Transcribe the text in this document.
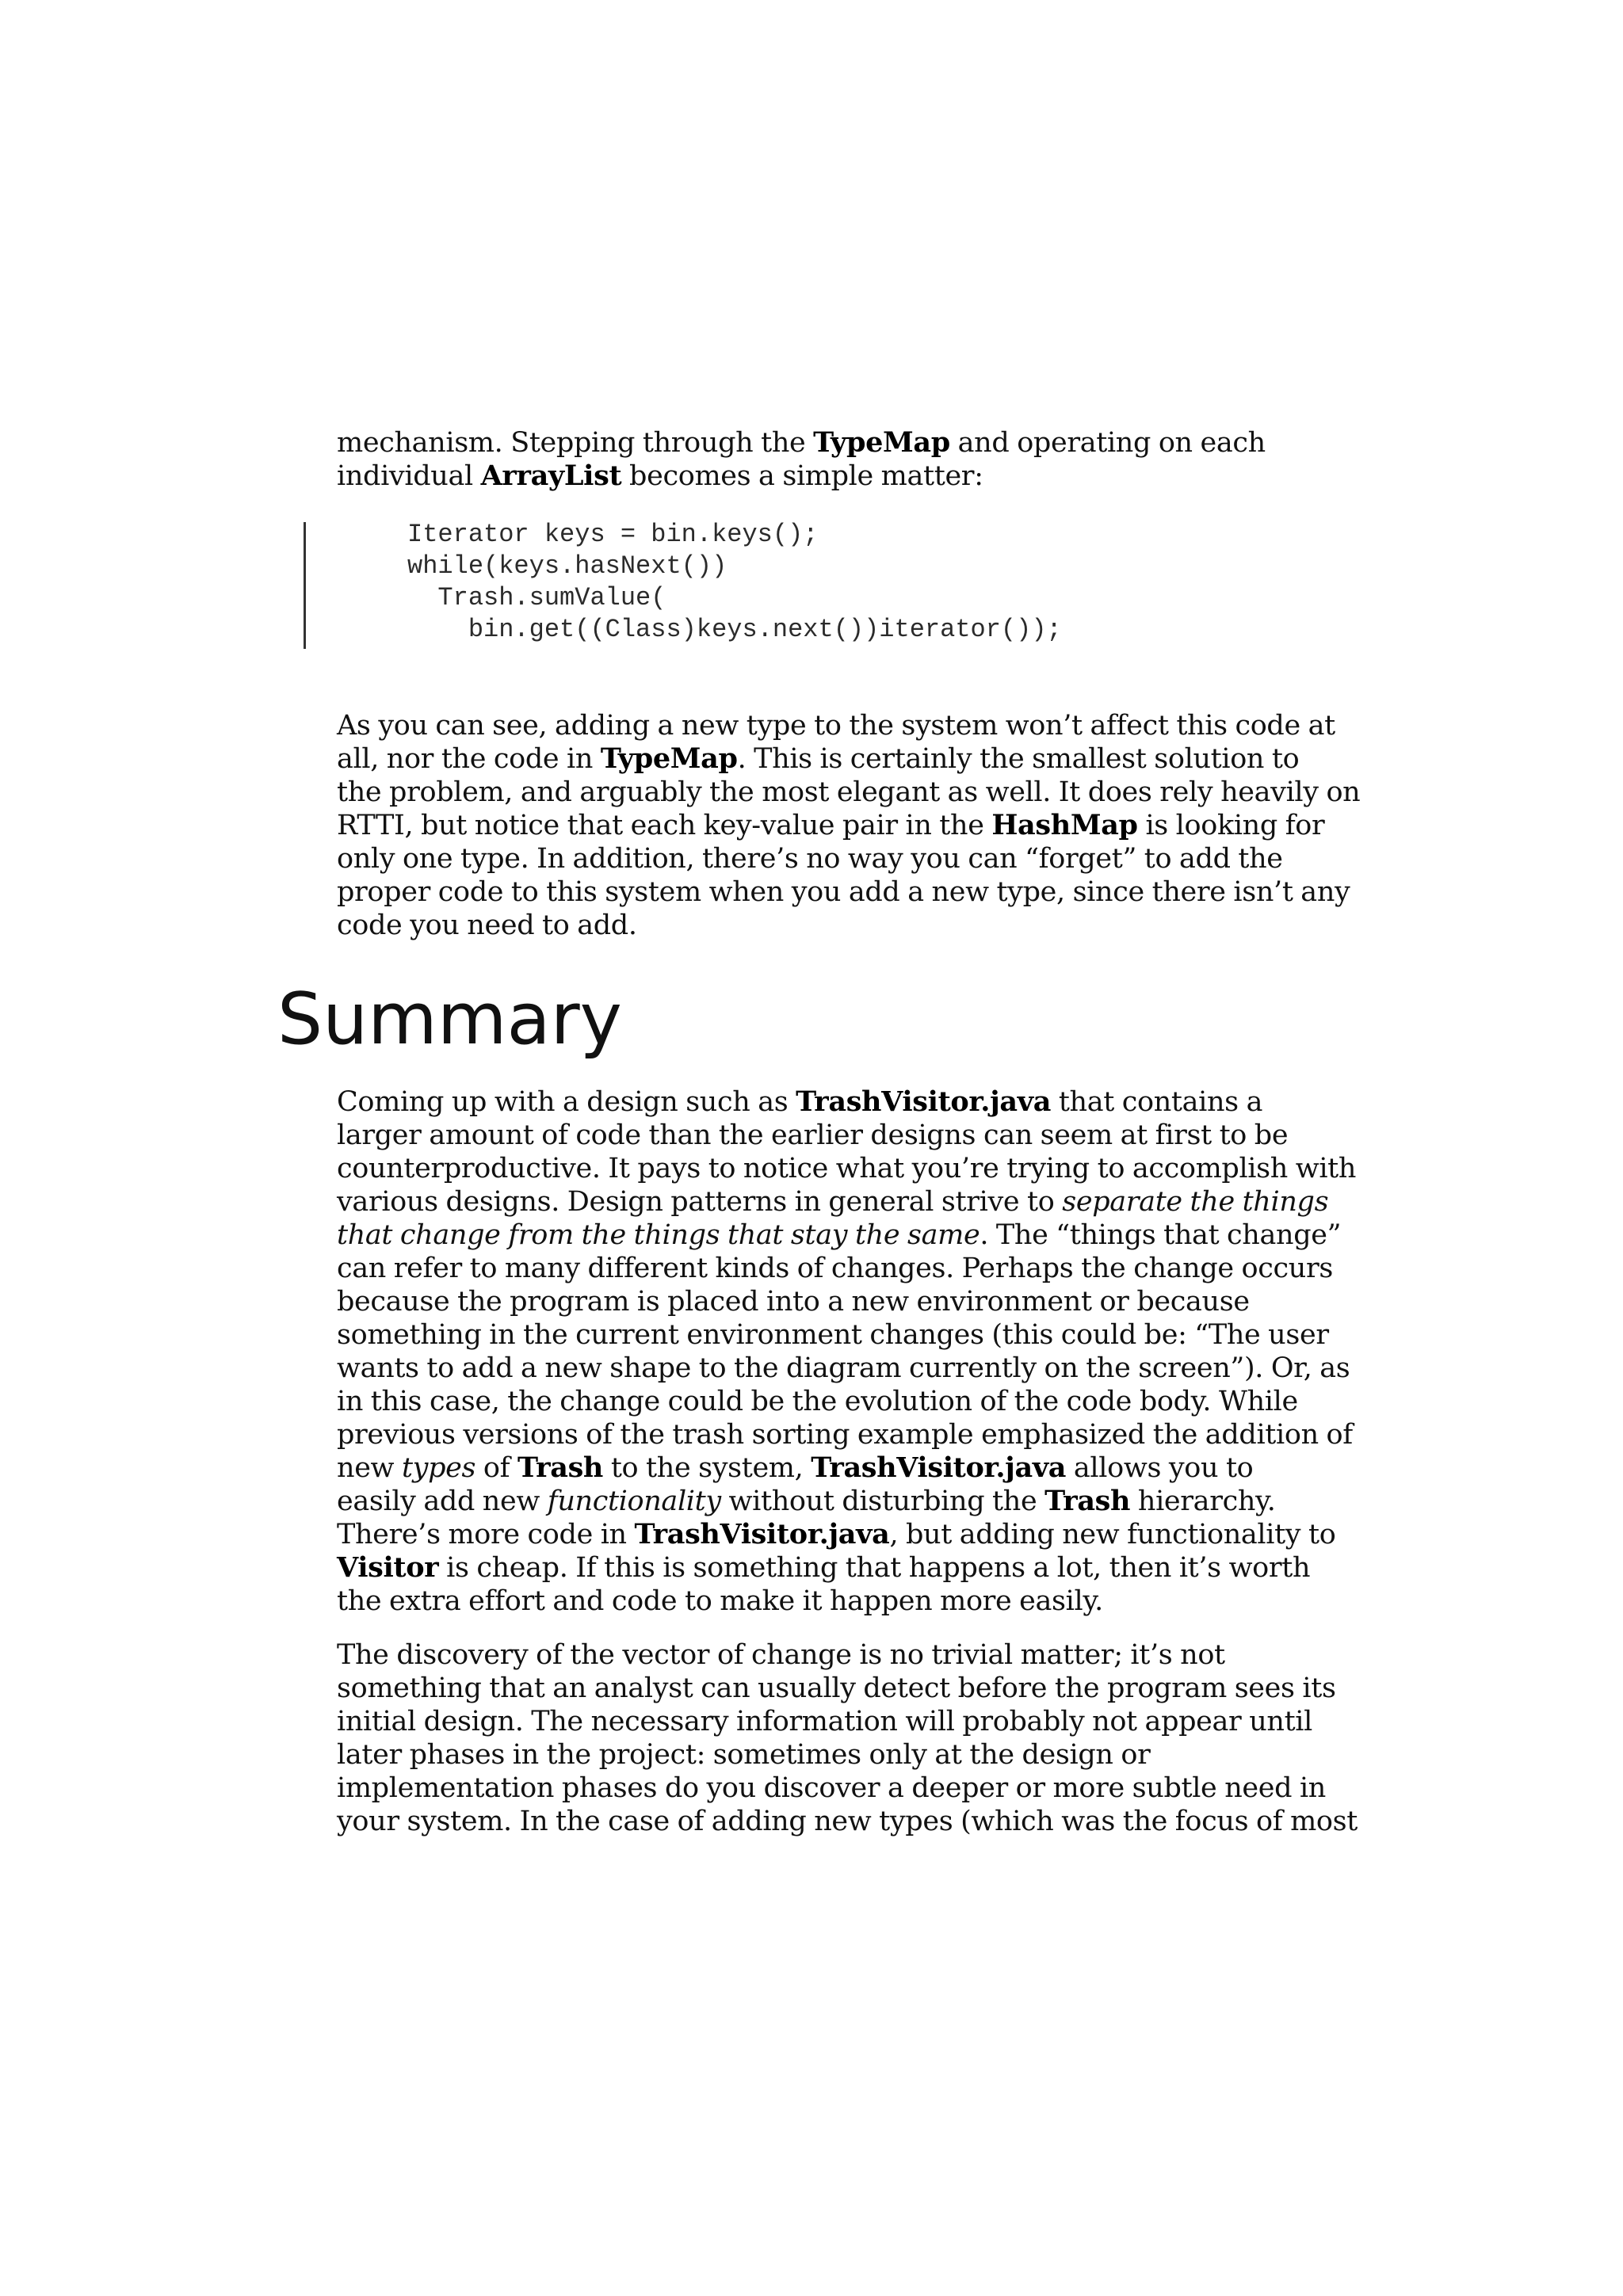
mechanism. Stepping through the TypeMap and operating on each
individual ArrayList becomes a simple matter:

Iterator keys = bin.keys();
while(keys.hasNext())
Trash.sumValue(
bin.get((Class)keys.next())iterator());

As you can see, adding a new type to the system won’t affect this code at
all, nor the code in TypeMap. This is certainly the smallest solution to
the problem, and arguably the most elegant as well. It does rely heavily on
RTTI, but notice that each key-value pair in the HashMap is looking for
only one type. In addition, there’s no way you can “forget” to add the
proper code to this system when you add a new type, since there isn’t any
code you need to add.

Summary

Coming up with a design such as TrashVisitor.java that contains a
larger amount of code than the earlier designs can seem at first to be
counterproductive. It pays to notice what you’re trying to accomplish with
various designs. Design patterns in general strive to separate the things
that change from the things that stay the same. The “things that change”
can refer to many different kinds of changes. Perhaps the change occurs
because the program is placed into a new environment or because
something in the current environment changes (this could be: “The user
wants to add a new shape to the diagram currently on the screen”). Or, as
in this case, the change could be the evolution of the code body. While
previous versions of the trash sorting example emphasized the addition of
new types of Trash to the system, TrashVisitor.java allows you to
easily add new functionality without disturbing the Trash hierarchy.
There’s more code in TrashVisitor.java, but adding new functionality to
Visitor is cheap. If this is something that happens a lot, then it’s worth
the extra effort and code to make it happen more easily.

The discovery of the vector of change is no trivial matter; it’s not
something that an analyst can usually detect before the program sees its
initial design. The necessary information will probably not appear until
later phases in the project: sometimes only at the design or
implementation phases do you discover a deeper or more subtle need in
your system. In the case of adding new types (which was the focus of most
